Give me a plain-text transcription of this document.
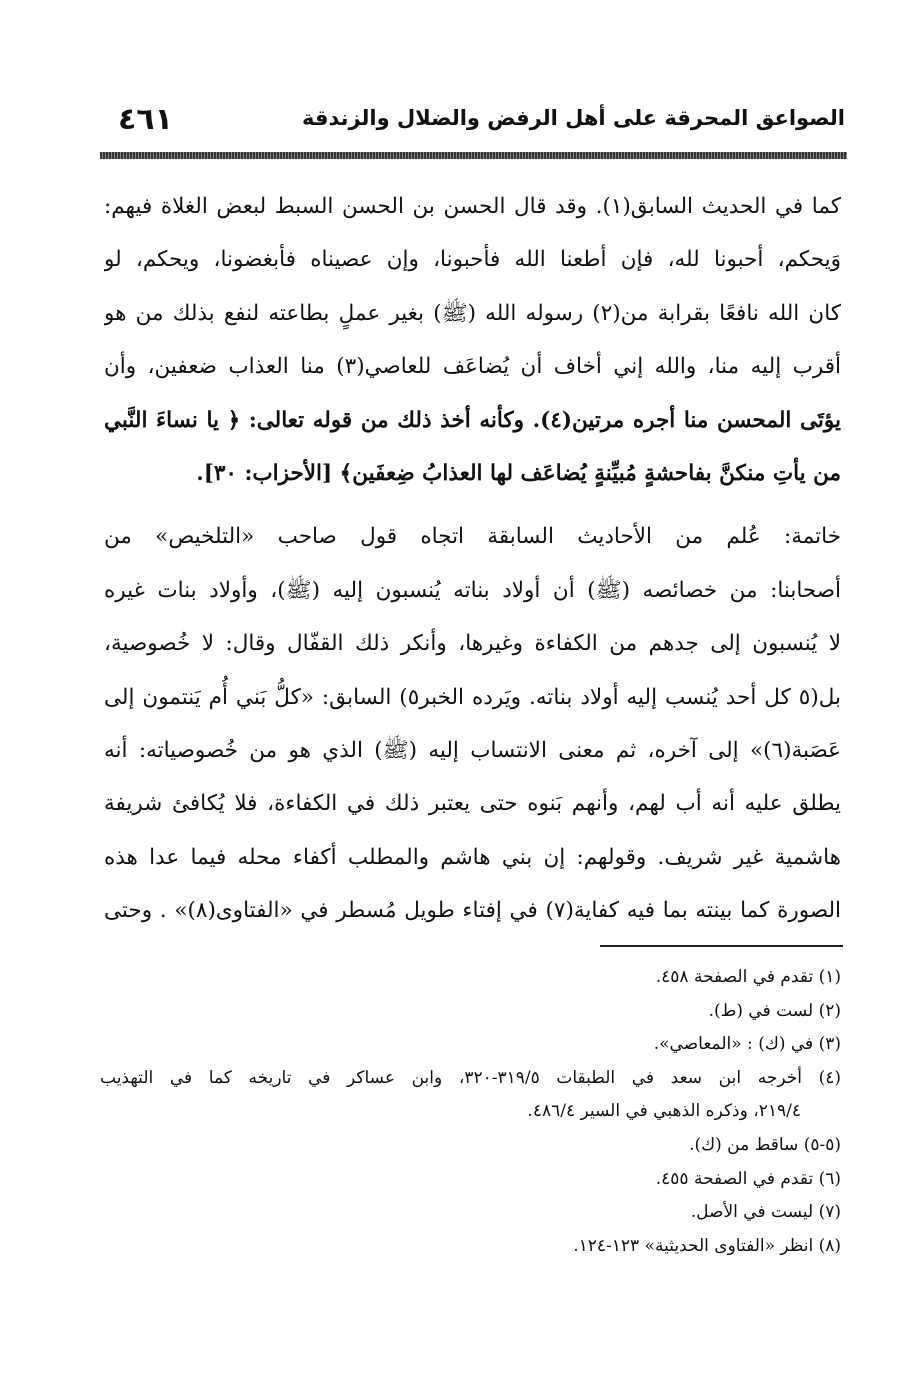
الصواعق المحرقة على أهل الرفض والضلال والزندقة
٤٦١
كما في الحديث السابق(١). وقد قال الحسن بن الحسن السبط لبعض الغلاة فيهم:
وَيحكم، أحبونا لله، فإن أطعنا الله فأحبونا، وإن عصيناه فأبغضونا، ويحكم، لو
كان الله نافعًا بقرابة من(٢) رسوله الله (ﷺ) بغير عملٍ بطاعته لنفع بذلك من هو
أقرب إليه منا، والله إني أخاف أن يُضاعَف للعاصي(٣) منا العذاب ضعفين، وأن
يؤتَى المحسن منا أجره مرتين(٤). وكأنه أخذ ذلك من قوله تعالى: ﴿ يا نساءَ النَّبي
من يأتِ منكنَّ بفاحشةٍ مُبيِّنةٍ يُضاعَف لها العذابُ ضِعفَين﴾ [الأحزاب: ٣٠].
خاتمة: عُلم من الأحاديث السابقة اتجاه قول صاحب «التلخيص» من
أصحابنا: من خصائصه (ﷺ) أن أولاد بناته يُنسبون إليه (ﷺ)، وأولاد بنات غيره
لا يُنسبون إلى جدهم من الكفاءة وغيرها، وأنكر ذلك القفّال وقال: لا خُصوصية،
بل(٥ كل أحد يُنسب إليه أولاد بناته. ويَرده الخبر٥) السابق: «كلُّ بَني أُم يَنتمون إلى
عَصَبة(٦)» إلى آخره، ثم معنى الانتساب إليه (ﷺ) الذي هو من خُصوصياته: أنه
يطلق عليه أنه أب لهم، وأنهم بَنوه حتى يعتبر ذلك في الكفاءة، فلا يُكافئ شريفة
هاشمية غير شريف. وقولهم: إن بني هاشم والمطلب أكفاء محله فيما عدا هذه
الصورة كما بينته بما فيه كفاية(٧) في إفتاء طويل مُسطر في «الفتاوى(٨)» . وحتى
(١) تقدم في الصفحة ٤٥٨.
(٢) لست في (ط).
(٣) في (ك) : «المعاصي».
(٤) أخرجه ابن سعد في الطبقات ٣١٩/٥-٣٢٠، وابن عساكر في تاريخه كما في التهذيب
٢١٩/٤، وذكره الذهبي في السير ٤٨٦/٤.
(٥-٥) ساقط من (ك).
(٦) تقدم في الصفحة ٤٥٥.
(٧) ليست في الأصل.
(٨) انظر «الفتاوى الحديثية» ١٢٣-١٢٤.
